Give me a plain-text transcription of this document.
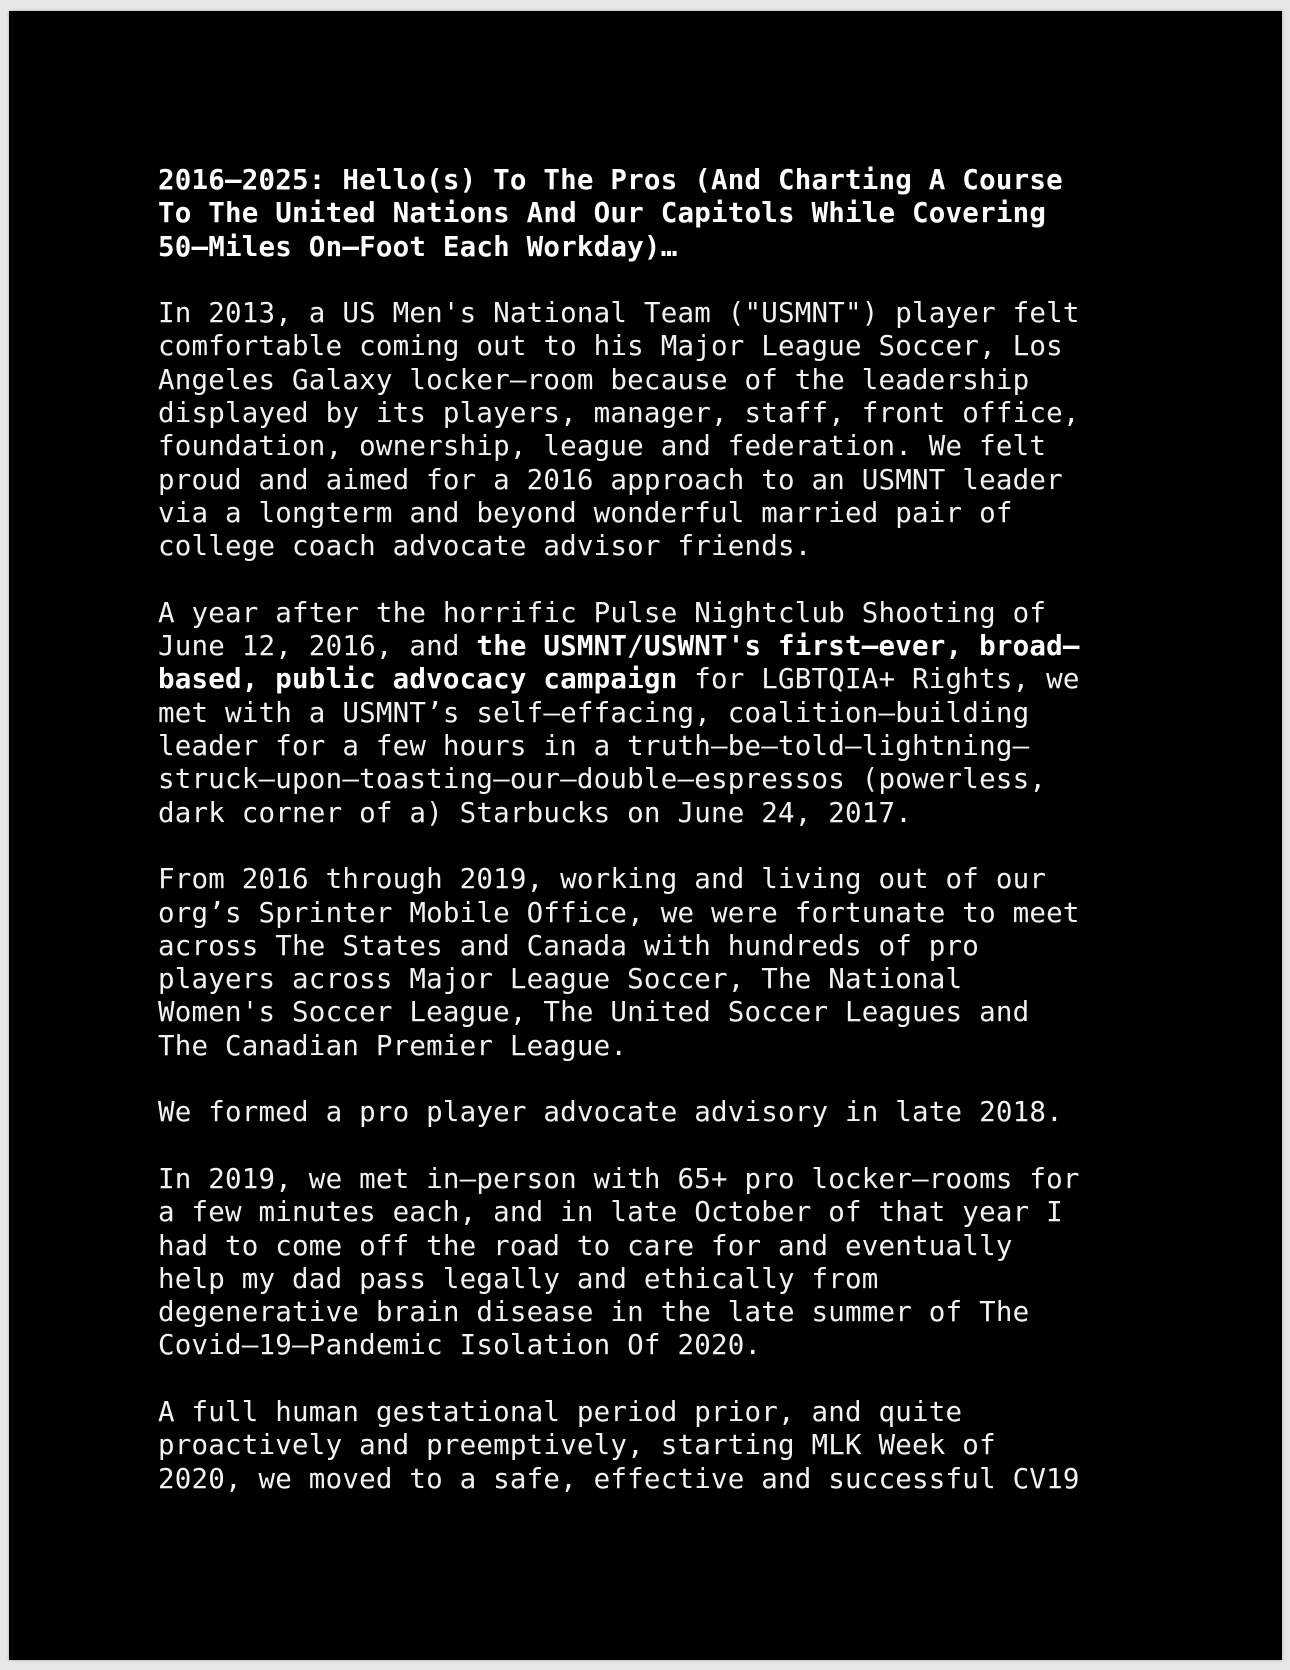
2016–2025: Hello(s) To The Pros (And Charting A Course
To The United Nations And Our Capitols While Covering
50–Miles On–Foot Each Workday)…

In 2013, a US Men's National Team ("USMNT") player felt
comfortable coming out to his Major League Soccer, Los
Angeles Galaxy locker–room because of the leadership
displayed by its players, manager, staff, front office,
foundation, ownership, league and federation. We felt
proud and aimed for a 2016 approach to an USMNT leader
via a longterm and beyond wonderful married pair of
college coach advocate advisor friends.

A year after the horrific Pulse Nightclub Shooting of
June 12, 2016, and the USMNT/USWNT's first–ever, broad–
based, public advocacy campaign for LGBTQIA+ Rights, we
met with a USMNT’s self–effacing, coalition–building
leader for a few hours in a truth–be–told–lightning–
struck–upon–toasting–our–double–espressos (powerless,
dark corner of a) Starbucks on June 24, 2017.

From 2016 through 2019, working and living out of our
org’s Sprinter Mobile Office, we were fortunate to meet
across The States and Canada with hundreds of pro
players across Major League Soccer, The National
Women's Soccer League, The United Soccer Leagues and
The Canadian Premier League.

We formed a pro player advocate advisory in late 2018.

In 2019, we met in–person with 65+ pro locker–rooms for
a few minutes each, and in late October of that year I
had to come off the road to care for and eventually
help my dad pass legally and ethically from
degenerative brain disease in the late summer of The
Covid–19–Pandemic Isolation Of 2020.

A full human gestational period prior, and quite
proactively and preemptively, starting MLK Week of
2020, we moved to a safe, effective and successful CV19
